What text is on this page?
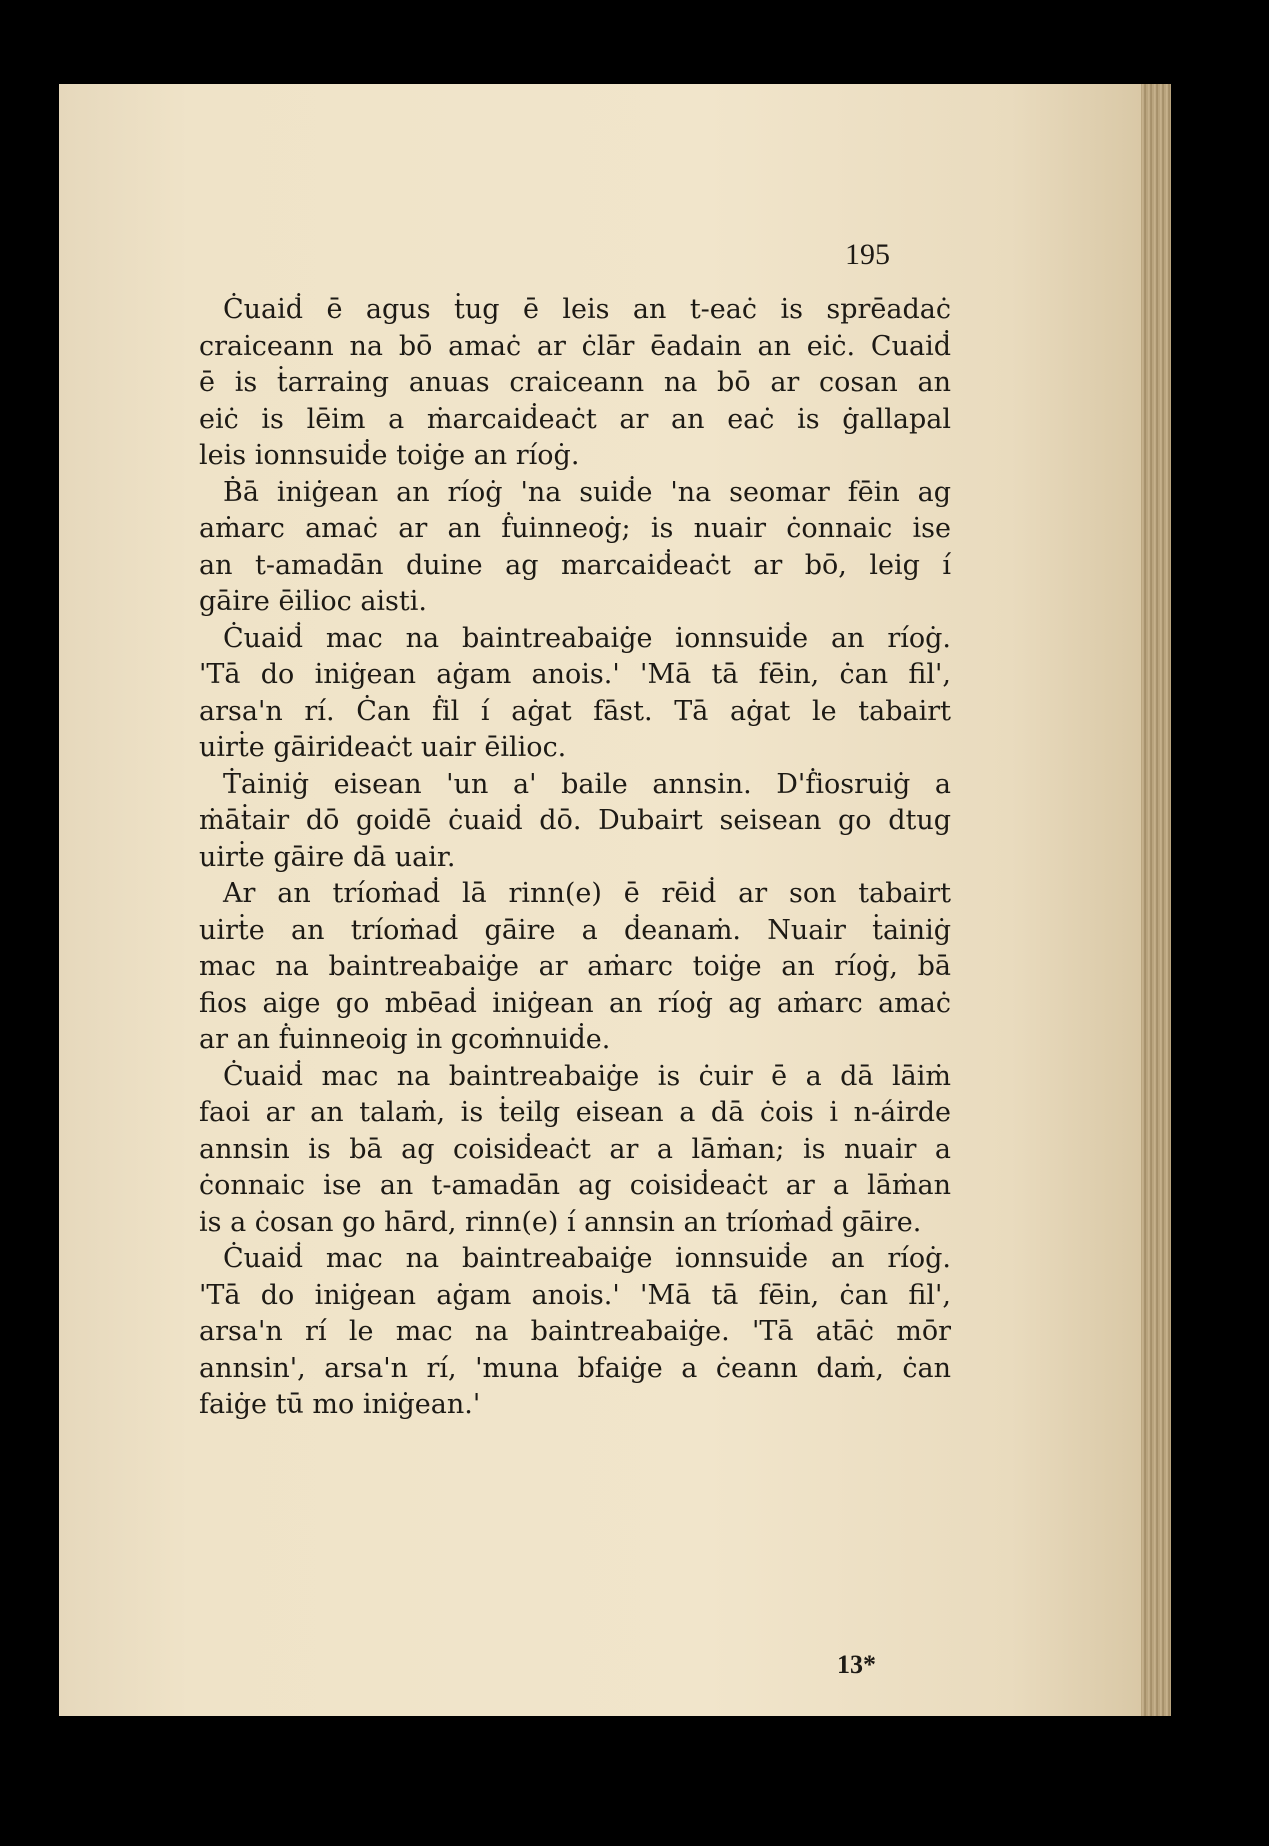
195
Ċuaiḋ ē agus ṫug ē leis an t-eaċ is sprēadaċ
craiceann na bō amaċ ar ċlār ēadain an eiċ. Cuaiḋ
ē is ṫarraing anuas craiceann na bō ar cosan an
eiċ is lēim a ṁarcaiḋeaċt ar an eaċ is ġallapal
leis ionnsuiḋe toiġe an ríoġ.
Ḃā iniġean an ríoġ 'na suiḋe 'na seomar fēin ag
aṁarc amaċ ar an ḟuinneoġ; is nuair ċonnaic ise
an t-amadān duine ag marcaiḋeaċt ar bō, leig í
gāire ēilioc aisti.
Ċuaiḋ mac na baintreabaiġe ionnsuiḋe an ríoġ.
'Tā do iniġean aġam anois.' 'Mā tā fēin, ċan fil',
arsa'n rí. Ċan ḟil í aġat fāst. Tā aġat le tabairt
uirṫe gāirideaċt uair ēilioc.
Ṫainiġ eisean 'un a' baile annsin. D'ḟiosruiġ a
ṁāṫair dō goidē ċuaiḋ dō. Dubairt seisean go dtug
uirṫe gāire dā uair.
Ar an tríoṁaḋ lā rinn(e) ē rēiḋ ar son tabairt
uirṫe an tríoṁaḋ gāire a ḋeanaṁ. Nuair ṫainiġ
mac na baintreabaiġe ar aṁarc toiġe an ríoġ, bā
fios aige go mbēaḋ iniġean an ríoġ ag aṁarc amaċ
ar an ḟuinneoig in gcoṁnuiḋe.
Ċuaiḋ mac na baintreabaiġe is ċuir ē a dā lāiṁ
faoi ar an talaṁ, is ṫeilg eisean a dā ċois i n-áirde
annsin is bā ag coisiḋeaċt ar a lāṁan; is nuair a
ċonnaic ise an t-amadān ag coisiḋeaċt ar a lāṁan
is a ċosan go hārd, rinn(e) í annsin an tríoṁaḋ gāire.
Ċuaiḋ mac na baintreabaiġe ionnsuiḋe an ríoġ.
'Tā do iniġean aġam anois.' 'Mā tā fēin, ċan fil',
arsa'n rí le mac na baintreabaiġe. 'Tā atāċ mōr
annsin', arsa'n rí, 'muna bfaiġe a ċeann daṁ, ċan
faiġe tū mo iniġean.'
13*
